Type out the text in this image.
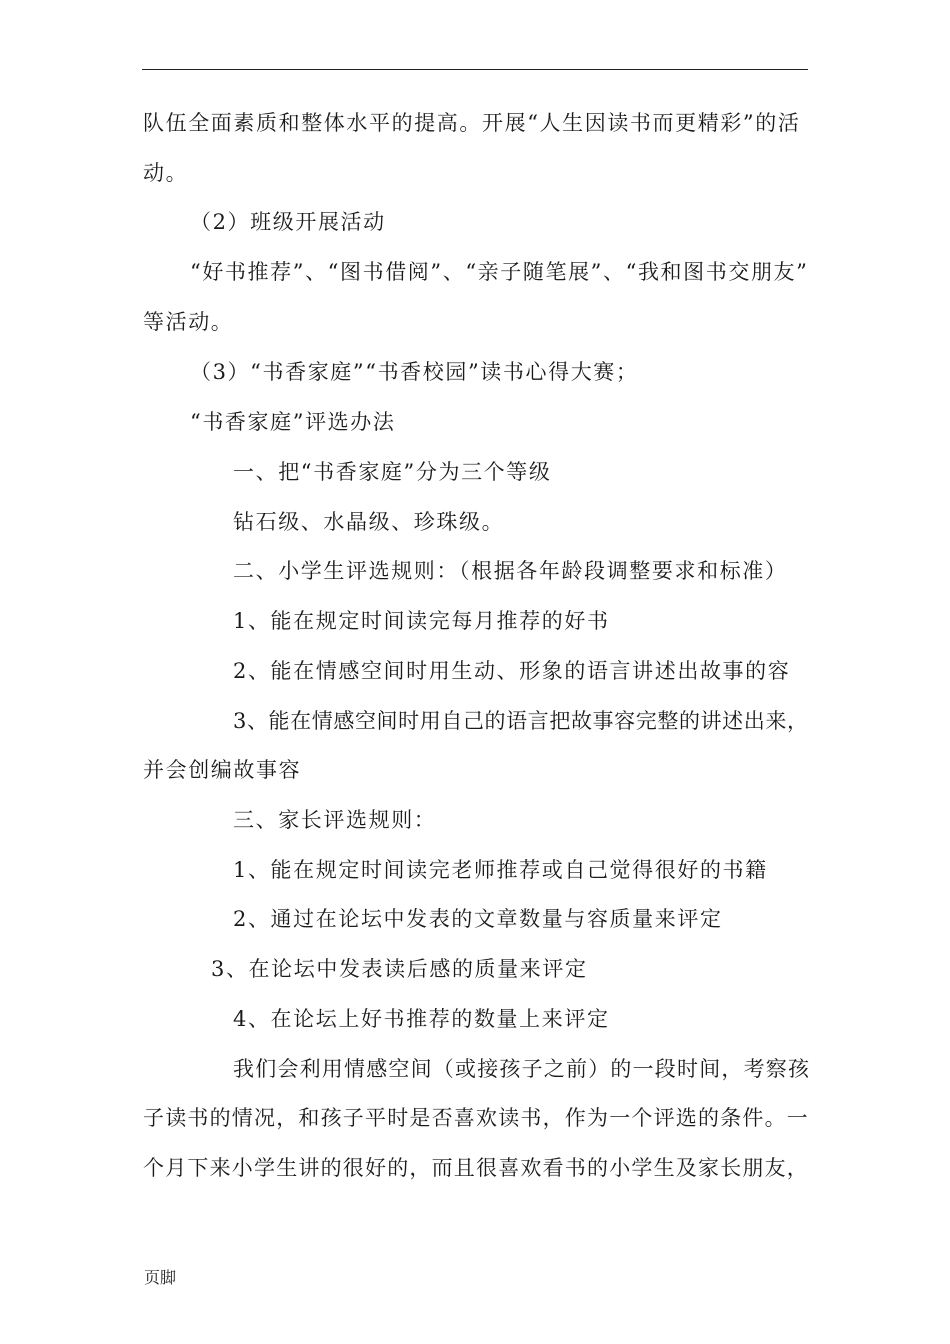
队伍全面素质和整体水平的提高。开展“人生因读书而更精彩”的活
动。
（2）班级开展活动
“好书推荐”、“图书借阅”、“亲子随笔展”、“我和图书交朋友”
等活动。
（3）“书香家庭”“书香校园”读书心得大赛；
“书香家庭”评选办法
一、把“书香家庭”分为三个等级
钻石级、水晶级、珍珠级。
二、小学生评选规则：（根据各年龄段调整要求和标准）
1、能在规定时间读完每月推荐的好书
2、能在情感空间时用生动、形象的语言讲述出故事的容
3、能在情感空间时用自己的语言把故事容完整的讲述出来，
并会创编故事容
三、家长评选规则：
1、能在规定时间读完老师推荐或自己觉得很好的书籍
2、通过在论坛中发表的文章数量与容质量来评定
3、在论坛中发表读后感的质量来评定
4、在论坛上好书推荐的数量上来评定
我们会利用情感空间（或接孩子之前）的一段时间，考察孩
子读书的情况，和孩子平时是否喜欢读书，作为一个评选的条件。一
个月下来小学生讲的很好的，而且很喜欢看书的小学生及家长朋友，
页脚
